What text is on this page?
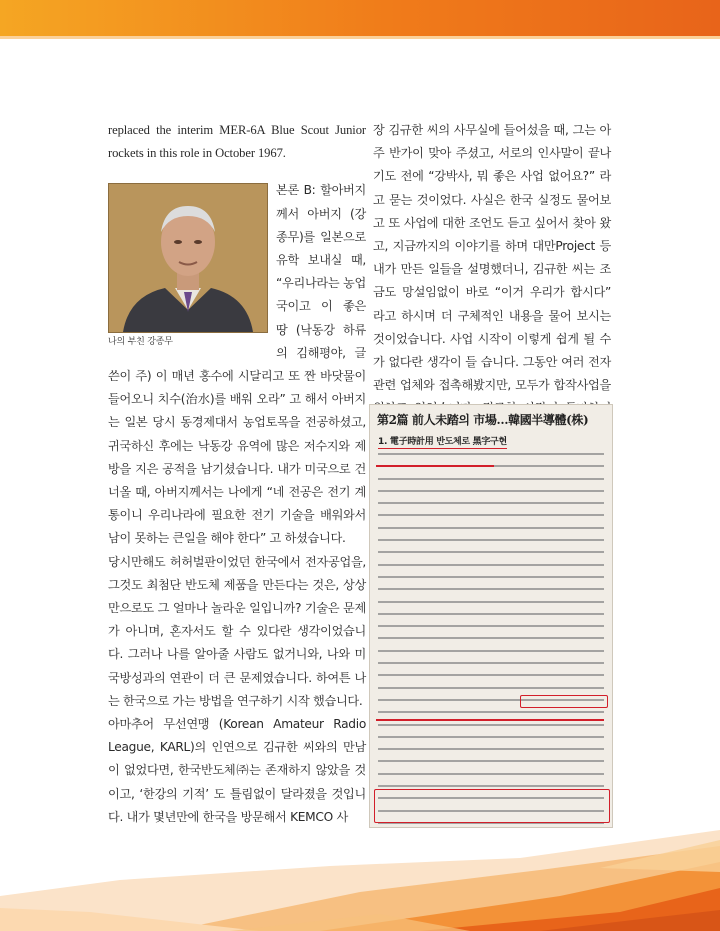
replaced the interim MER-6A Blue Scout Junior rockets in this role in October 1967.

나의 부친 강종무

본론 B: 할아버지께서 아버지 (강종무)를 일본으로 유학 보내실 때, “우리나라는 농업국이고 이 좋은 땅 (낙동강 하류의 김해평야, 글쓴이 주) 이 매년 홍수에 시달리고 또 짠 바닷물이 들어오니 치수(治水)를 배워 오라” 고 해서 아버지는 일본 당시 동경제대서 농업토목을 전공하셨고, 귀국하신 후에는 낙동강 유역에 많은 저수지와 제방을 지은 공적을 남기셨습니다. 내가 미국으로 건너올 때, 아버지께서는 나에게 “네 전공은 전기 계통이니 우리나라에 필요한 전기 기술을 배워와서 남이 못하는 큰일을 해야 한다” 고 하셨습니다.

당시만해도 허허벌판이었던 한국에서 전자공업을, 그것도 최첨단 반도체 제품을 만든다는 것은, 상상만으로도 그 얼마나 놀라운 일입니까? 기술은 문제가 아니며, 혼자서도 할 수 있다란 생각이었습니다. 그러나 나를 알아줄 사람도 없거니와, 나와 미 국방성과의 연관이 더 큰 문제였습니다. 하여튼 나는 한국으로 가는 방법을 연구하기 시작 했습니다.

아마추어 무선연맹 (Korean Amateur Radio League, KARL)의 인연으로 김규한 씨와의 만남이 없었다면, 한국반도체㈜는 존재하지 않았을 것이고, ‘한강의 기적’ 도 틀림없이 달라졌을 것입니다. 내가 몇년만에 한국을 방문해서 KEMCO 사

장 김규한 씨의 사무실에 들어섰을 때, 그는 아주 반가이 맞아 주셨고, 서로의 인사말이 끝나기도 전에 “강박사, 뭐 좋은 사업 없어요?” 라고 묻는 것이었다. 사실은 한국 실정도 물어보고 또 사업에 대한 조언도 듣고 싶어서 찾아 왔고, 지금까지의 이야기를 하며 대만Project 등 내가 만든 일들을 설명했더니, 김규한 씨는 조금도 망설임없이 바로 “이거 우리가 합시다” 라고 하시며 더 구체적인 내용을 물어 보시는 것이었습니다. 사업 시작이 이렇게 쉽게 될 수가 없다란 생각이 들 습니다. 그동안 여러 전자관련 업체와 접촉해봤지만, 모두가 합작사업을

第2篇 前人未踏의 市場…韓國半導體(株)
1. 電子時計用 반도체로 黑字구현
